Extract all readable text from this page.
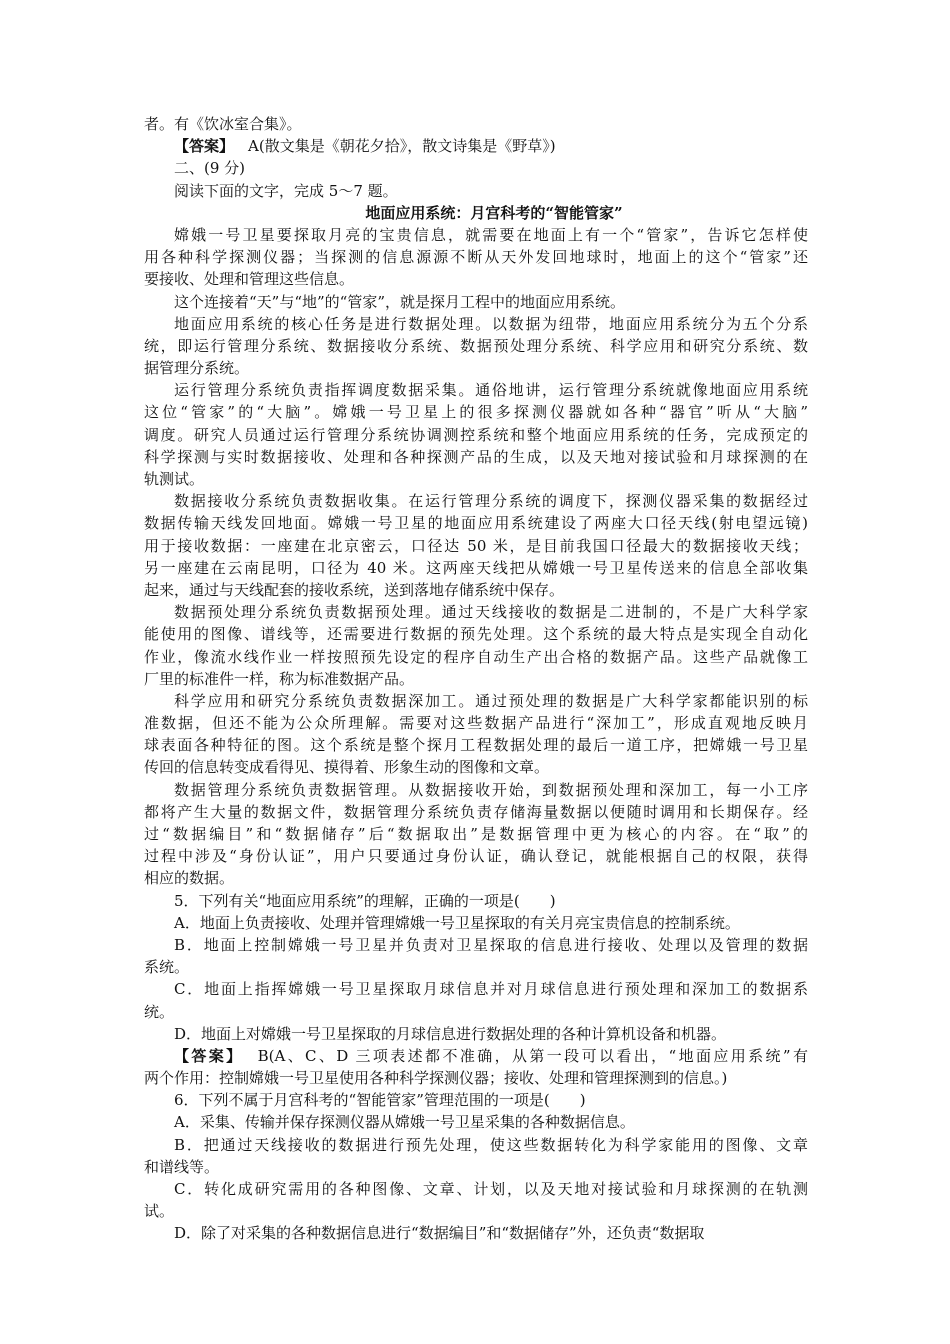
者。有《饮冰室合集》。
【答案】 A(散文集是《朝花夕拾》，散文诗集是《野草》)
二、(9 分)
阅读下面的文字，完成 5～7 题。
地面应用系统：月宫科考的“智能管家”
嫦娥一号卫星要探取月亮的宝贵信息，就需要在地面上有一个“管家”，告诉它怎样使
用各种科学探测仪器；当探测的信息源源不断从天外发回地球时，地面上的这个“管家”还
要接收、处理和管理这些信息。
这个连接着“天”与“地”的“管家”，就是探月工程中的地面应用系统。
地面应用系统的核心任务是进行数据处理。以数据为纽带，地面应用系统分为五个分系
统，即运行管理分系统、数据接收分系统、数据预处理分系统、科学应用和研究分系统、数
据管理分系统。
运行管理分系统负责指挥调度数据采集。通俗地讲，运行管理分系统就像地面应用系统
这位“管家”的“大脑”。嫦娥一号卫星上的很多探测仪器就如各种“器官”听从“大脑”
调度。研究人员通过运行管理分系统协调测控系统和整个地面应用系统的任务，完成预定的
科学探测与实时数据接收、处理和各种探测产品的生成，以及天地对接试验和月球探测的在
轨测试。
数据接收分系统负责数据收集。在运行管理分系统的调度下，探测仪器采集的数据经过
数据传输天线发回地面。嫦娥一号卫星的地面应用系统建设了两座大口径天线(射电望远镜)
用于接收数据：一座建在北京密云，口径达 50 米，是目前我国口径最大的数据接收天线；
另一座建在云南昆明，口径为 40 米。这两座天线把从嫦娥一号卫星传送来的信息全部收集
起来，通过与天线配套的接收系统，送到落地存储系统中保存。
数据预处理分系统负责数据预处理。通过天线接收的数据是二进制的，不是广大科学家
能使用的图像、谱线等，还需要进行数据的预先处理。这个系统的最大特点是实现全自动化
作业，像流水线作业一样按照预先设定的程序自动生产出合格的数据产品。这些产品就像工
厂里的标准件一样，称为标准数据产品。
科学应用和研究分系统负责数据深加工。通过预处理的数据是广大科学家都能识别的标
准数据，但还不能为公众所理解。需要对这些数据产品进行“深加工”，形成直观地反映月
球表面各种特征的图。这个系统是整个探月工程数据处理的最后一道工序，把嫦娥一号卫星
传回的信息转变成看得见、摸得着、形象生动的图像和文章。
数据管理分系统负责数据管理。从数据接收开始，到数据预处理和深加工，每一小工序
都将产生大量的数据文件，数据管理分系统负责存储海量数据以便随时调用和长期保存。经
过“数据编目”和“数据储存”后“数据取出”是数据管理中更为核心的内容。在“取”的
过程中涉及“身份认证”，用户只要通过身份认证，确认登记，就能根据自己的权限，获得
相应的数据。
5．下列有关“地面应用系统”的理解，正确的一项是(　　)
A．地面上负责接收、处理并管理嫦娥一号卫星探取的有关月亮宝贵信息的控制系统。
B．地面上控制嫦娥一号卫星并负责对卫星探取的信息进行接收、处理以及管理的数据
系统。
C．地面上指挥嫦娥一号卫星探取月球信息并对月球信息进行预处理和深加工的数据系
统。
D．地面上对嫦娥一号卫星探取的月球信息进行数据处理的各种计算机设备和机器。
【答案】 B(A、C、D 三项表述都不准确，从第一段可以看出，“地面应用系统”有
两个作用：控制嫦娥一号卫星使用各种科学探测仪器；接收、处理和管理探测到的信息。)
6．下列不属于月宫科考的“智能管家”管理范围的一项是(　　)
A．采集、传输并保存探测仪器从嫦娥一号卫星采集的各种数据信息。
B．把通过天线接收的数据进行预先处理，使这些数据转化为科学家能用的图像、文章
和谱线等。
C．转化成研究需用的各种图像、文章、计划，以及天地对接试验和月球探测的在轨测
试。
D．除了对采集的各种数据信息进行“数据编目”和“数据储存”外，还负责“数据取
